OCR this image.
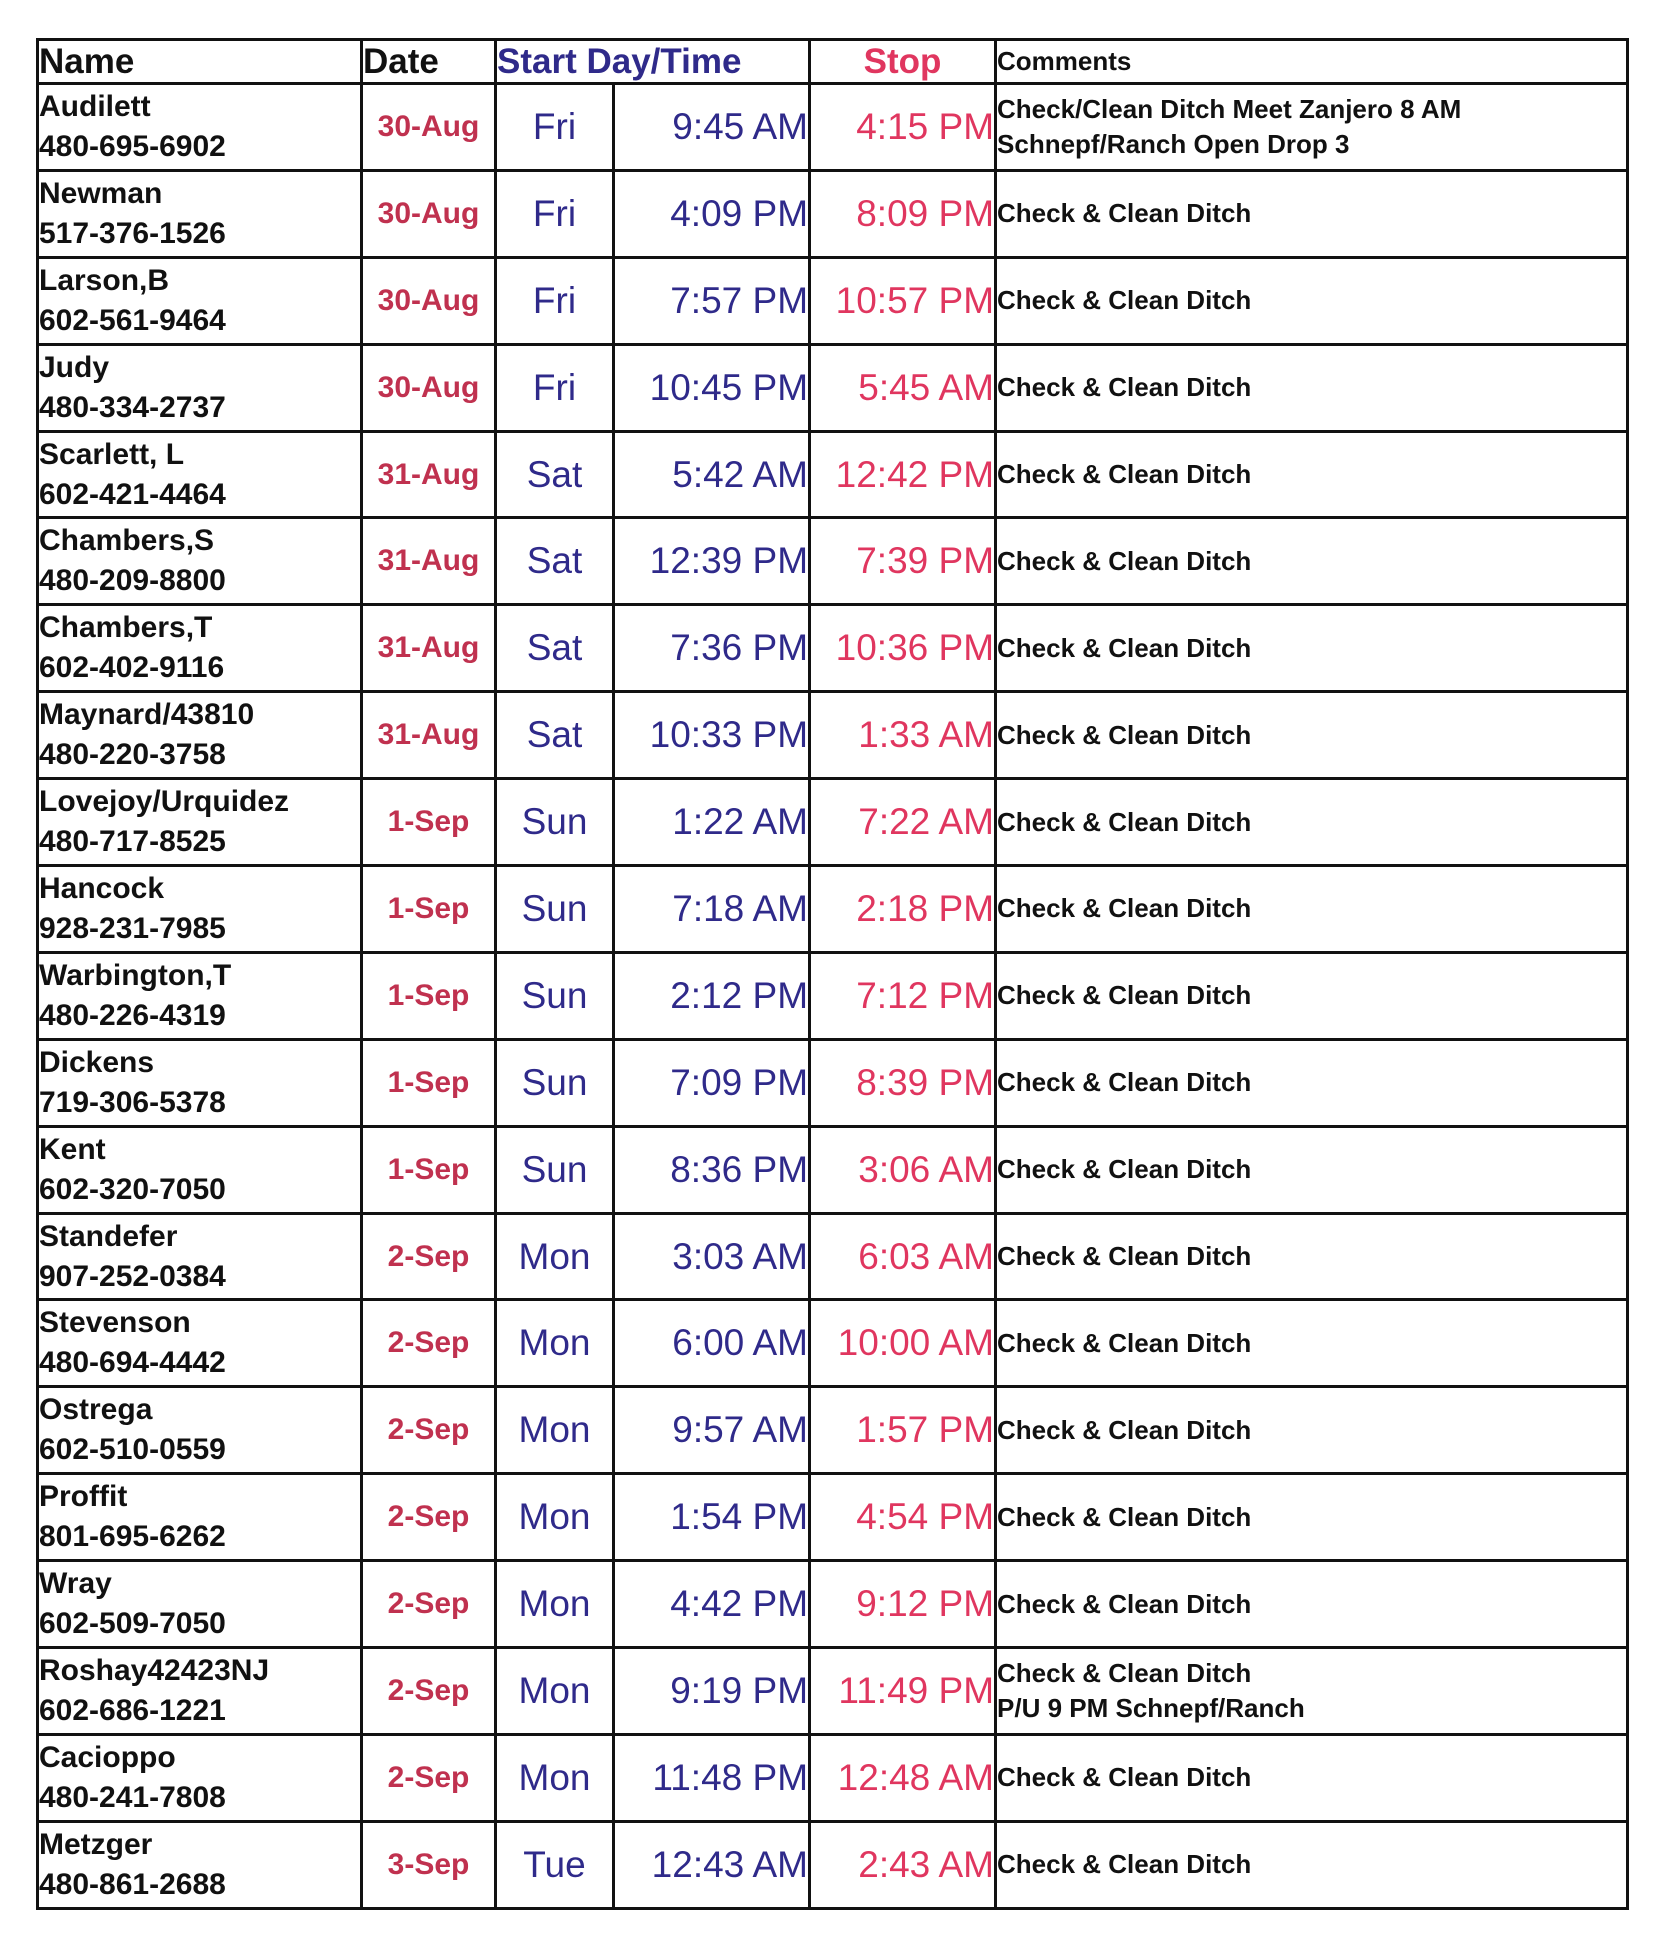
Name	Date	Start Day/Time		Stop	Comments

Audilett
480-695-6902	30-Aug	Fri	9:45 AM	4:15 PM	Check/Clean Ditch Meet Zanjero 8 AM
Schnepf/Ranch Open Drop 3

Newman
517-376-1526	30-Aug	Fri	4:09 PM	8:09 PM	Check & Clean Ditch

Larson,B
602-561-9464	30-Aug	Fri	7:57 PM	10:57 PM	Check & Clean Ditch

Judy
480-334-2737	30-Aug	Fri	10:45 PM	5:45 AM	Check & Clean Ditch

Scarlett, L
602-421-4464	31-Aug	Sat	5:42 AM	12:42 PM	Check & Clean Ditch

Chambers,S
480-209-8800	31-Aug	Sat	12:39 PM	7:39 PM	Check & Clean Ditch

Chambers,T
602-402-9116	31-Aug	Sat	7:36 PM	10:36 PM	Check & Clean Ditch

Maynard/43810
480-220-3758	31-Aug	Sat	10:33 PM	1:33 AM	Check & Clean Ditch

Lovejoy/Urquidez
480-717-8525	1-Sep	Sun	1:22 AM	7:22 AM	Check & Clean Ditch

Hancock
928-231-7985	1-Sep	Sun	7:18 AM	2:18 PM	Check & Clean Ditch

Warbington,T
480-226-4319	1-Sep	Sun	2:12 PM	7:12 PM	Check & Clean Ditch

Dickens
719-306-5378	1-Sep	Sun	7:09 PM	8:39 PM	Check & Clean Ditch

Kent
602-320-7050	1-Sep	Sun	8:36 PM	3:06 AM	Check & Clean Ditch

Standefer
907-252-0384	2-Sep	Mon	3:03 AM	6:03 AM	Check & Clean Ditch

Stevenson
480-694-4442	2-Sep	Mon	6:00 AM	10:00 AM	Check & Clean Ditch

Ostrega
602-510-0559	2-Sep	Mon	9:57 AM	1:57 PM	Check & Clean Ditch

Proffit
801-695-6262	2-Sep	Mon	1:54 PM	4:54 PM	Check & Clean Ditch

Wray
602-509-7050	2-Sep	Mon	4:42 PM	9:12 PM	Check & Clean Ditch

Roshay42423NJ
602-686-1221	2-Sep	Mon	9:19 PM	11:49 PM	Check & Clean Ditch
P/U 9 PM Schnepf/Ranch

Cacioppo
480-241-7808	2-Sep	Mon	11:48 PM	12:48 AM	Check & Clean Ditch

Metzger
480-861-2688	3-Sep	Tue	12:43 AM	2:43 AM	Check & Clean Ditch
